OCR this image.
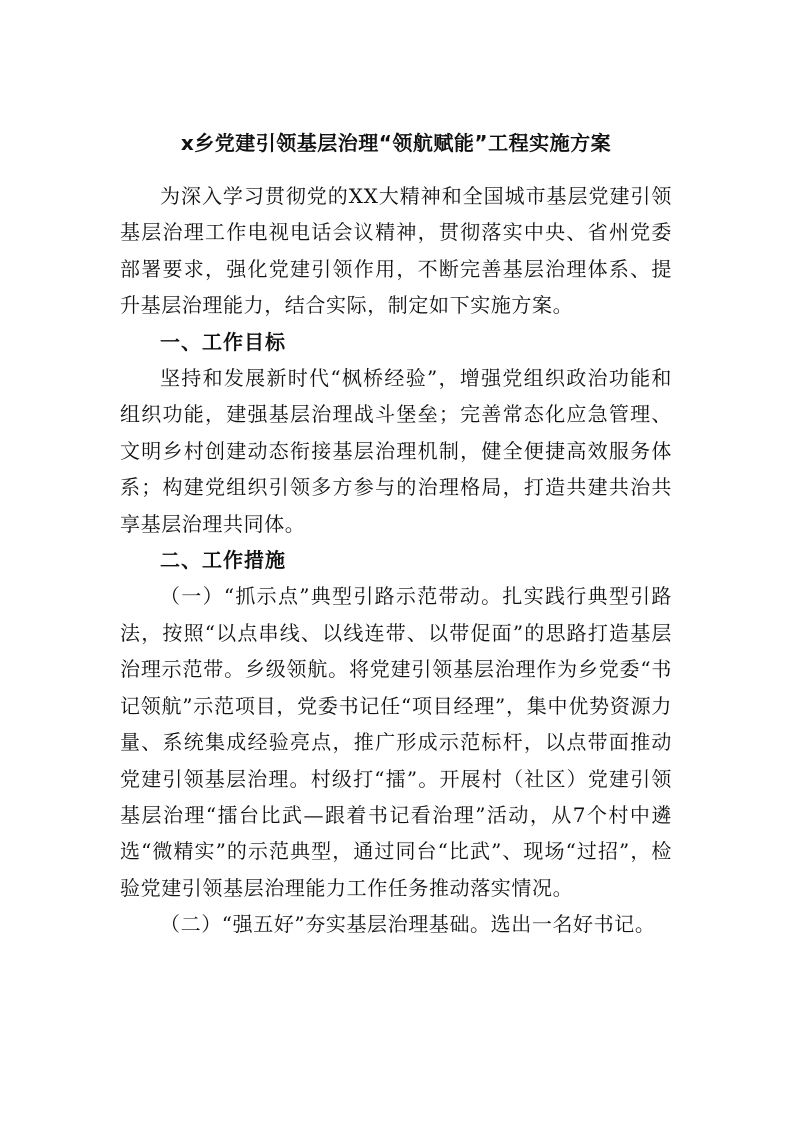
x乡党建引领基层治理“领航赋能”工程实施方案

为深入学习贯彻党的XX大精神和全国城市基层党建引领基层治理工作电视电话会议精神，贯彻落实中央、省州党委部署要求，强化党建引领作用，不断完善基层治理体系、提升基层治理能力，结合实际，制定如下实施方案。

一、工作目标

坚持和发展新时代“枫桥经验”，增强党组织政治功能和组织功能，建强基层治理战斗堡垒；完善常态化应急管理、文明乡村创建动态衔接基层治理机制，健全便捷高效服务体系；构建党组织引领多方参与的治理格局，打造共建共治共享基层治理共同体。

二、工作措施

（一）“抓示点”典型引路示范带动。扎实践行典型引路法，按照“以点串线、以线连带、以带促面”的思路打造基层治理示范带。乡级领航。将党建引领基层治理作为乡党委“书记领航”示范项目，党委书记任“项目经理”，集中优势资源力量、系统集成经验亮点，推广形成示范标杆，以点带面推动党建引领基层治理。村级打“擂”。开展村（社区）党建引领基层治理“擂台比武—跟着书记看治理”活动，从7个村中遴选“微精实”的示范典型，通过同台“比武”、现场“过招”，检验党建引领基层治理能力工作任务推动落实情况。

（二）“强五好”夯实基层治理基础。选出一名好书记。
